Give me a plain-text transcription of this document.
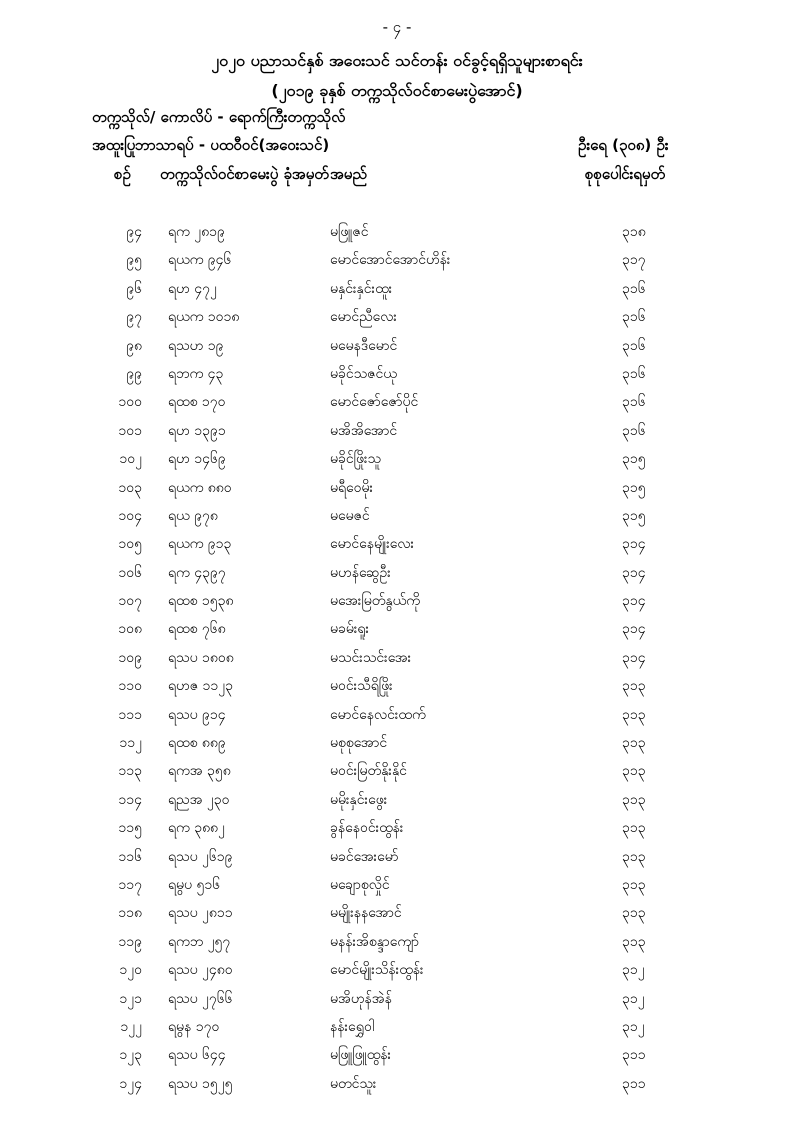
- ၄ -
၂၀၂၀ ပညာသင်နှစ် အဝေးသင် သင်တန်း ဝင်ခွင့်ရရှိသူများစာရင်း
(၂၀၁၉ ခုနှစ် တက္ကသိုလ်ဝင်စာမေးပွဲအောင်)
တက္ကသိုလ်/ ကောလိပ် - ရောက်ကြီးတက္ကသိုလ်
အထူးပြုဘာသာရပ် - ပထဝီဝင်(အဝေးသင်)	ဦးရေ (၃၀၈) ဦး
စဉ် တက္ကသိုလ်ဝင်စာမေးပွဲ ခုံအမှတ် အမည်	စုစုပေါင်းရမှတ်
၉၄ ရက ၂၈၁၉	မဖြူဇင်	၃၁၈
၉၅ ရယက ၉၄၆	မောင်အောင်အောင်ဟိန်း	၃၁၇
၉၆ ရဟ ၄၇၂	မနှင်းနှင်းထူး	၃၁၆
၉၇ ရယက ၁၀၁၈	မောင်ညီလေး	၃၁၆
၉၈ ရသဟ ၁၉	မမေနဒီမောင်	၃၁၆
၉၉ ရဘက ၄၃	မခိုင်သဇင်ယု	၃၁၆
၁၀၀ ရထစ ၁၇၀	မောင်ဇော်ဇော်ပိုင်	၃၁၆
၁၀၁ ရဟ ၁၃၉၁	မအိအိအောင်	၃၁၆
၁၀၂ ရဟ ၁၄၆၉	မခိုင်ဖြိုးသူ	၃၁၅
၁၀၃ ရယက ၈၈၀	မရီဝေမိုး	၃၁၅
၁၀၄ ရယ ၉၇၈	မမေဇင်	၃၁၅
၁၀၅ ရယက ၉၁၃	မောင်နေမျိုးလေး	၃၁၄
၁၀၆ ရက ၄၃၉၇	မဟန်ဆွေဦး	၃၁၄
၁၀၇ ရထစ ၁၅၃၈	မအေးမြတ်နွယ်ကို	၃၁၄
၁၀၈ ရထစ ၇၆၈	မခမ်းရူး	၃၁၄
၁၀၉ ရသပ ၁၈၀၈	မသင်းသင်းအေး	၃၁၄
၁၁၀ ရဟဇ ၁၁၂၃	မဝင်းသီရိဖြိုး	၃၁၃
၁၁၁ ရသပ ၉၁၄	မောင်နေလင်းထက်	၃၁၃
၁၁၂ ရထစ ၈၈၉	မစုစုအောင်	၃၁၃
၁၁၃ ရကအ ၃၅၈	မဝင်းမြတ်နိုးနိုင်	၃၁၃
၁၁၄ ရညအ ၂၃၀	မမိုးနှင်းဖွေး	၃၁၃
၁၁၅ ရက ၃၈၈၂	ခွန်နေဝင်းထွန်း	၃၁၃
၁၁၆ ရသပ ၂၆၁၉	မခင်အေးမော်	၃၁၃
၁၁၇ ရမွပ ၅၁၆	မချောစုလှိုင်	၃၁၃
၁၁၈ ရသပ ၂၈၁၁	မမျိုးနနအောင်	၃၁၃
၁၁၉ ရကဘ ၂၅၇	မနန်းအိစန္ဒာကျော်	၃၁၃
၁၂၀ ရသပ ၂၄၈၀	မောင်မျိုးသိန်းထွန်း	၃၁၂
၁၂၁ ရသပ ၂၇၆၆	မအိဟုန်အဲန်	၃၁၂
၁၂၂ ရမွန ၁၇၀	နန်းရွှေဝါ	၃၁၂
၁၂၃ ရသပ ၆၄၄	မဖြူဖြူထွန်း	၃၁၁
၁၂၄ ရသပ ၁၅၂၅	မတင်သူး	၃၁၁
